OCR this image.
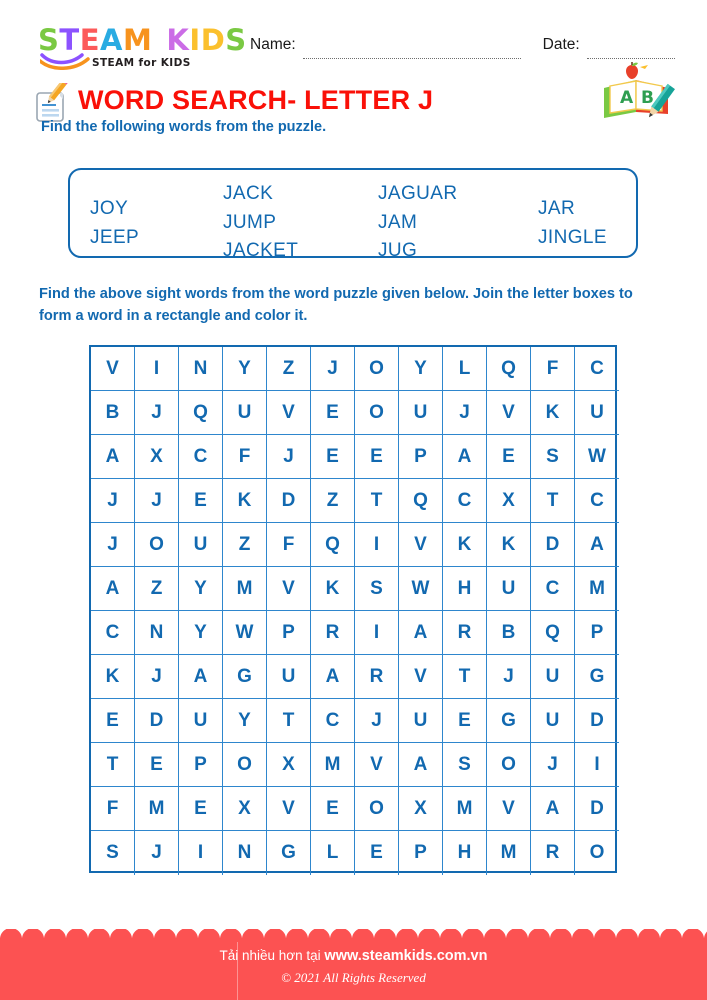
STEAM KIDS
STEAM for KIDS
Name:	Date:
WORD SEARCH- LETTER J
Find the following words from the puzzle.
A B
JOY
JEEP
JACK
JUMP
JACKET
JAGUAR
JAM
JUG
JAR
JINGLE
Find the above sight words from the word puzzle given below. Join the letter boxes to form a word in a rectangle and color it.
V	I	N	Y	Z	J	O	Y	L	Q	F	C
B	J	Q	U	V	E	O	U	J	V	K	U
A	X	C	F	J	E	E	P	A	E	S	W
J	J	E	K	D	Z	T	Q	C	X	T	C
J	O	U	Z	F	Q	I	V	K	K	D	A
A	Z	Y	M	V	K	S	W	H	U	C	M
C	N	Y	W	P	R	I	A	R	B	Q	P
K	J	A	G	U	A	R	V	T	J	U	G
E	D	U	Y	T	C	J	U	E	G	U	D
T	E	P	O	X	M	V	A	S	O	J	I
F	M	E	X	V	E	O	X	M	V	A	D
S	J	I	N	G	L	E	P	H	M	R	O
Tải nhiều hơn tại www.steamkids.com.vn
© 2021 All Rights Reserved
